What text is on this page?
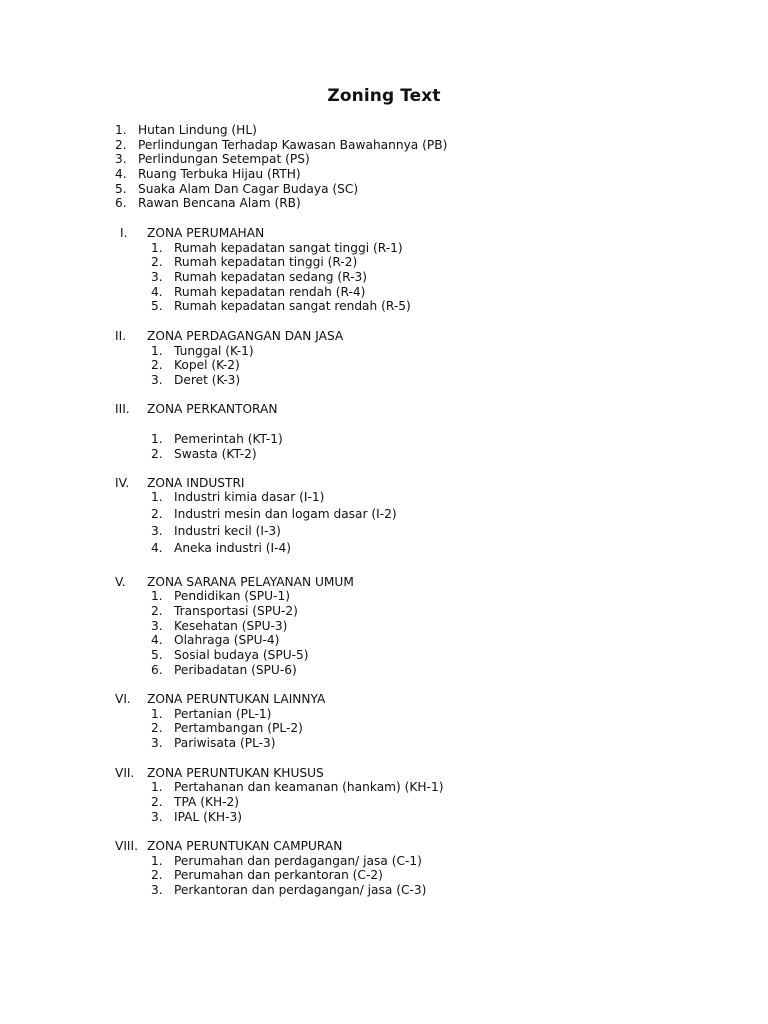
Zoning Text
1. Hutan Lindung (HL)
2. Perlindungan Terhadap Kawasan Bawahannya (PB)
3. Perlindungan Setempat (PS)
4. Ruang Terbuka Hijau (RTH)
5. Suaka Alam Dan Cagar Budaya (SC)
6. Rawan Bencana Alam (RB)
I. ZONA PERUMAHAN
1. Rumah kepadatan sangat tinggi (R-1)
2. Rumah kepadatan tinggi (R-2)
3. Rumah kepadatan sedang (R-3)
4. Rumah kepadatan rendah (R-4)
5. Rumah kepadatan sangat rendah (R-5)
II. ZONA PERDAGANGAN DAN JASA
1. Tunggal (K-1)
2. Kopel (K-2)
3. Deret (K-3)
III. ZONA PERKANTORAN
1. Pemerintah (KT-1)
2. Swasta (KT-2)
IV. ZONA INDUSTRI
1. Industri kimia dasar (I-1)
2. Industri mesin dan logam dasar (I-2)
3. Industri kecil (I-3)
4. Aneka industri (I-4)
V. ZONA SARANA PELAYANAN UMUM
1. Pendidikan (SPU-1)
2. Transportasi (SPU-2)
3. Kesehatan (SPU-3)
4. Olahraga (SPU-4)
5. Sosial budaya (SPU-5)
6. Peribadatan (SPU-6)
VI. ZONA PERUNTUKAN LAINNYA
1. Pertanian (PL-1)
2. Pertambangan (PL-2)
3. Pariwisata (PL-3)
VII. ZONA PERUNTUKAN KHUSUS
1. Pertahanan dan keamanan (hankam) (KH-1)
2. TPA (KH-2)
3. IPAL (KH-3)
VIII. ZONA PERUNTUKAN CAMPURAN
1. Perumahan dan perdagangan/ jasa (C-1)
2. Perumahan dan perkantoran (C-2)
3. Perkantoran dan perdagangan/ jasa (C-3)
